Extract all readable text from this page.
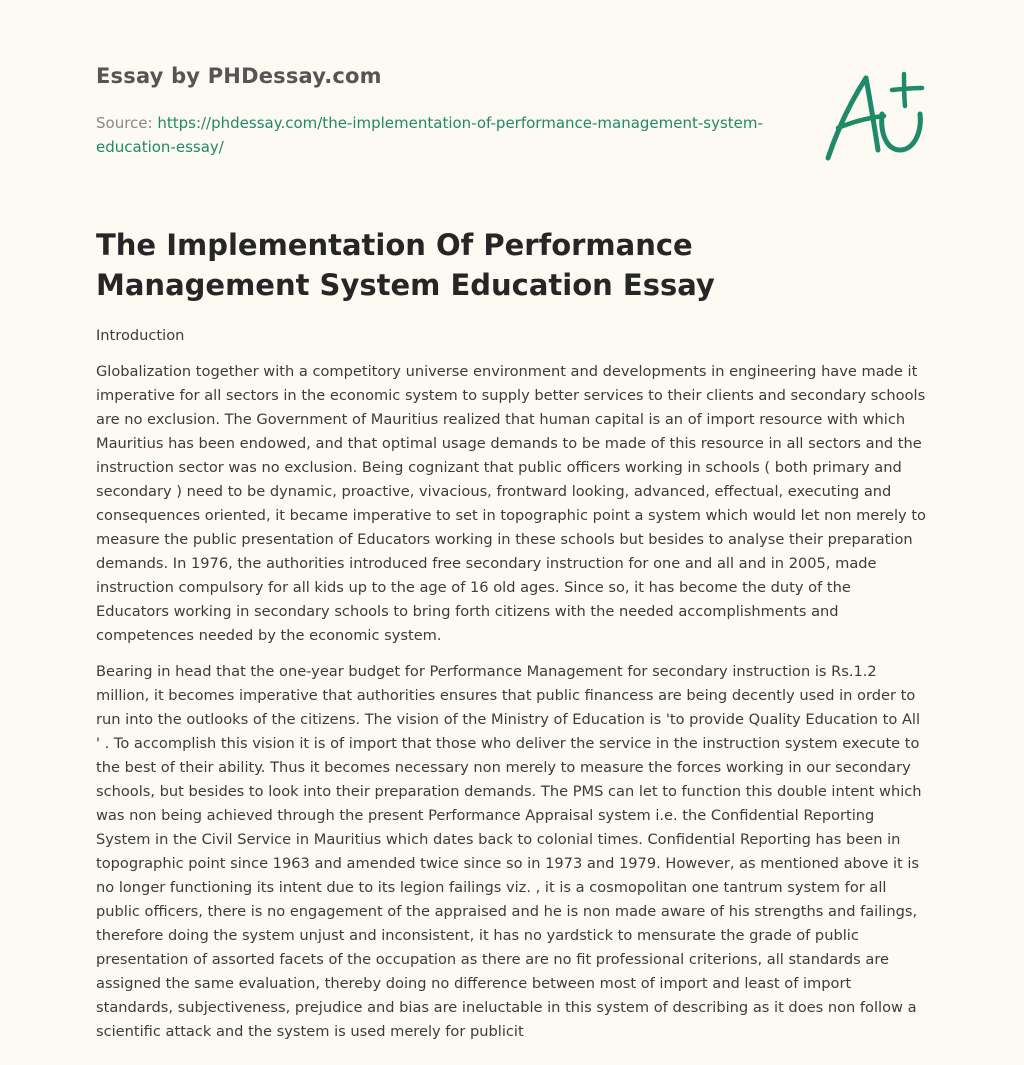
Essay by PHDessay.com
Source: https://phdessay.com/the-implementation-of-performance-management-system-education-essay/
The Implementation Of Performance Management System Education Essay

Introduction

Globalization together with a competitory universe environment and developments in engineering have made it imperative for all sectors in the economic system to supply better services to their clients and secondary schools are no exclusion. The Government of Mauritius realized that human capital is an of import resource with which Mauritius has been endowed, and that optimal usage demands to be made of this resource in all sectors and the instruction sector was no exclusion. Being cognizant that public officers working in schools ( both primary and secondary ) need to be dynamic, proactive, vivacious, frontward looking, advanced, effectual, executing and consequences oriented, it became imperative to set in topographic point a system which would let non merely to measure the public presentation of Educators working in these schools but besides to analyse their preparation demands. In 1976, the authorities introduced free secondary instruction for one and all and in 2005, made instruction compulsory for all kids up to the age of 16 old ages. Since so, it has become the duty of the Educators working in secondary schools to bring forth citizens with the needed accomplishments and competences needed by the economic system.

Bearing in head that the one-year budget for Performance Management for secondary instruction is Rs.1.2 million, it becomes imperative that authorities ensures that public financess are being decently used in order to run into the outlooks of the citizens. The vision of the Ministry of Education is 'to provide Quality Education to All ' . To accomplish this vision it is of import that those who deliver the service in the instruction system execute to the best of their ability. Thus it becomes necessary non merely to measure the forces working in our secondary schools, but besides to look into their preparation demands. The PMS can let to function this double intent which was non being achieved through the present Performance Appraisal system i.e. the Confidential Reporting System in the Civil Service in Mauritius which dates back to colonial times. Confidential Reporting has been in topographic point since 1963 and amended twice since so in 1973 and 1979. However, as mentioned above it is no longer functioning its intent due to its legion failings viz. , it is a cosmopolitan one tantrum system for all public officers, there is no engagement of the appraised and he is non made aware of his strengths and failings, therefore doing the system unjust and inconsistent, it has no yardstick to mensurate the grade of public presentation of assorted facets of the occupation as there are no fit professional criterions, all standards are assigned the same evaluation, thereby doing no difference between most of import and least of import standards, subjectiveness, prejudice and bias are ineluctable in this system of describing as it does non follow a scientific attack and the system is used merely for publicit
